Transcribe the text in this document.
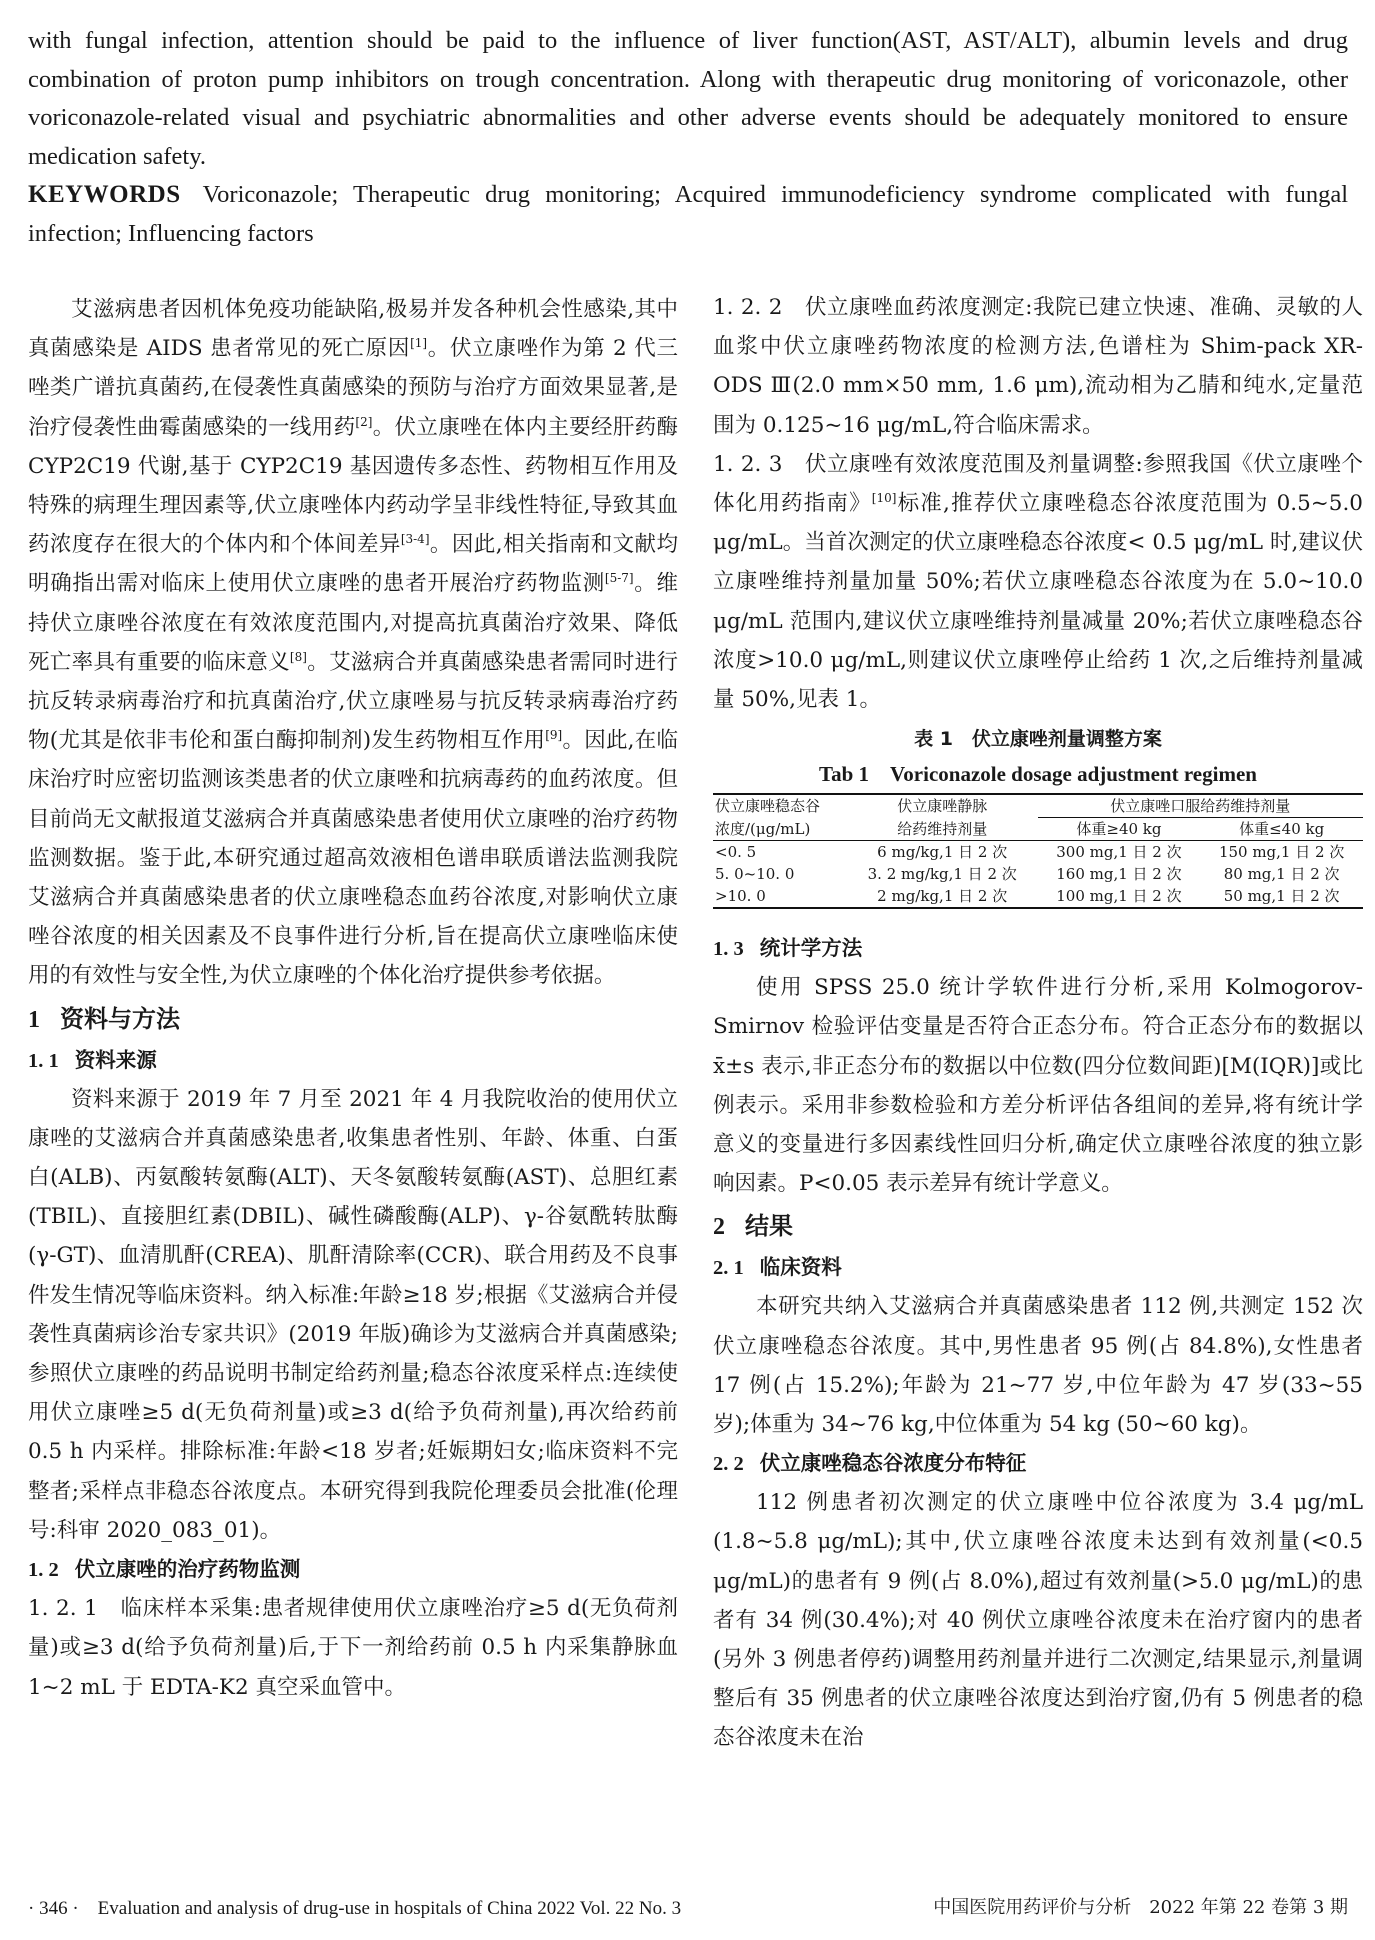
with fungal infection, attention should be paid to the influence of liver function(AST, AST/ALT), albumin levels and drug combination of proton pump inhibitors on trough concentration. Along with therapeutic drug monitoring of voriconazole, other voriconazole-related visual and psychiatric abnormalities and other adverse events should be adequately monitored to ensure medication safety.

KEYWORDS Voriconazole; Therapeutic drug monitoring; Acquired immunodeficiency syndrome complicated with fungal infection; Influencing factors

艾滋病患者因机体免疫功能缺陷,极易并发各种机会性感染,其中真菌感染是 AIDS 患者常见的死亡原因[1]。伏立康唑作为第 2 代三唑类广谱抗真菌药,在侵袭性真菌感染的预防与治疗方面效果显著,是治疗侵袭性曲霉菌感染的一线用药[2]。伏立康唑在体内主要经肝药酶 CYP2C19 代谢,基于 CYP2C19 基因遗传多态性、药物相互作用及特殊的病理生理因素等,伏立康唑体内药动学呈非线性特征,导致其血药浓度存在很大的个体内和个体间差异[3-4]。因此,相关指南和文献均明确指出需对临床上使用伏立康唑的患者开展治疗药物监测[5-7]。维持伏立康唑谷浓度在有效浓度范围内,对提高抗真菌治疗效果、降低死亡率具有重要的临床意义[8]。艾滋病合并真菌感染患者需同时进行抗反转录病毒治疗和抗真菌治疗,伏立康唑易与抗反转录病毒治疗药物(尤其是依非韦伦和蛋白酶抑制剂)发生药物相互作用[9]。因此,在临床治疗时应密切监测该类患者的伏立康唑和抗病毒药的血药浓度。但目前尚无文献报道艾滋病合并真菌感染患者使用伏立康唑的治疗药物监测数据。鉴于此,本研究通过超高效液相色谱串联质谱法监测我院艾滋病合并真菌感染患者的伏立康唑稳态血药谷浓度,对影响伏立康唑谷浓度的相关因素及不良事件进行分析,旨在提高伏立康唑临床使用的有效性与安全性,为伏立康唑的个体化治疗提供参考依据。

1 资料与方法
1. 1 资料来源

资料来源于 2019 年 7 月至 2021 年 4 月我院收治的使用伏立康唑的艾滋病合并真菌感染患者,收集患者性别、年龄、体重、白蛋白(ALB)、丙氨酸转氨酶(ALT)、天冬氨酸转氨酶(AST)、总胆红素(TBIL)、直接胆红素(DBIL)、碱性磷酸酶(ALP)、γ-谷氨酰转肽酶(γ-GT)、血清肌酐(CREA)、肌酐清除率(CCR)、联合用药及不良事件发生情况等临床资料。纳入标准:年龄≥18 岁;根据《艾滋病合并侵袭性真菌病诊治专家共识》(2019 年版)确诊为艾滋病合并真菌感染;参照伏立康唑的药品说明书制定给药剂量;稳态谷浓度采样点:连续使用伏立康唑≥5 d(无负荷剂量)或≥3 d(给予负荷剂量),再次给药前 0.5 h 内采样。排除标准:年龄<18 岁者;妊娠期妇女;临床资料不完整者;采样点非稳态谷浓度点。本研究得到我院伦理委员会批准(伦理号:科审 2020_083_01)。

1. 2 伏立康唑的治疗药物监测

1. 2. 1　临床样本采集:患者规律使用伏立康唑治疗≥5 d(无负荷剂量)或≥3 d(给予负荷剂量)后,于下一剂给药前 0.5 h 内采集静脉血 1~2 mL 于 EDTA-K2 真空采血管中。

1. 2. 2　伏立康唑血药浓度测定:我院已建立快速、准确、灵敏的人血浆中伏立康唑药物浓度的检测方法,色谱柱为 Shim-pack XR-ODS Ⅲ(2.0 mm×50 mm, 1.6 μm),流动相为乙腈和纯水,定量范围为 0.125~16 μg/mL,符合临床需求。

1. 2. 3　伏立康唑有效浓度范围及剂量调整:参照我国《伏立康唑个体化用药指南》[10]标准,推荐伏立康唑稳态谷浓度范围为 0.5~5.0 μg/mL。当首次测定的伏立康唑稳态谷浓度< 0.5 μg/mL 时,建议伏立康唑维持剂量加量 50%;若伏立康唑稳态谷浓度为在 5.0~10.0 μg/mL 范围内,建议伏立康唑维持剂量减量 20%;若伏立康唑稳态谷浓度>10.0 μg/mL,则建议伏立康唑停止给药 1 次,之后维持剂量减量 50%,见表 1。

表 1　伏立康唑剂量调整方案
Tab 1　Voriconazole dosage adjustment regimen
伏立康唑稳态谷	伏立康唑静脉	伏立康唑口服给药维持剂量	
浓度/(μg/mL)	给药维持剂量	体重≥40 kg	体重≤40 kg
<0. 5	6 mg/kg,1 日 2 次	300 mg,1 日 2 次	150 mg,1 日 2 次
5. 0~10. 0	3. 2 mg/kg,1 日 2 次	160 mg,1 日 2 次	80 mg,1 日 2 次
>10. 0	2 mg/kg,1 日 2 次	100 mg,1 日 2 次	50 mg,1 日 2 次
1. 3 统计学方法

使用 SPSS 25.0 统计学软件进行分析,采用 Kolmogorov-Smirnov 检验评估变量是否符合正态分布。符合正态分布的数据以 x̄±s 表示,非正态分布的数据以中位数(四分位数间距)[M(IQR)]或比例表示。采用非参数检验和方差分析评估各组间的差异,将有统计学意义的变量进行多因素线性回归分析,确定伏立康唑谷浓度的独立影响因素。P<0.05 表示差异有统计学意义。

2 结果
2. 1 临床资料

本研究共纳入艾滋病合并真菌感染患者 112 例,共测定 152 次伏立康唑稳态谷浓度。其中,男性患者 95 例(占 84.8%),女性患者 17 例(占 15.2%);年龄为 21~77 岁,中位年龄为 47 岁(33~55 岁);体重为 34~76 kg,中位体重为 54 kg (50~60 kg)。

2. 2 伏立康唑稳态谷浓度分布特征

112 例患者初次测定的伏立康唑中位谷浓度为 3.4 μg/mL (1.8~5.8 μg/mL);其中,伏立康唑谷浓度未达到有效剂量(<0.5 μg/mL)的患者有 9 例(占 8.0%),超过有效剂量(>5.0 μg/mL)的患者有 34 例(30.4%);对 40 例伏立康唑谷浓度未在治疗窗内的患者(另外 3 例患者停药)调整用药剂量并进行二次测定,结果显示,剂量调整后有 35 例患者的伏立康唑谷浓度达到治疗窗,仍有 5 例患者的稳态谷浓度未在治

· 346 ·　Evaluation and analysis of drug-use in hospitals of China 2022 Vol. 22 No. 3	中国医院用药评价与分析　2022 年第 22 卷第 3 期
